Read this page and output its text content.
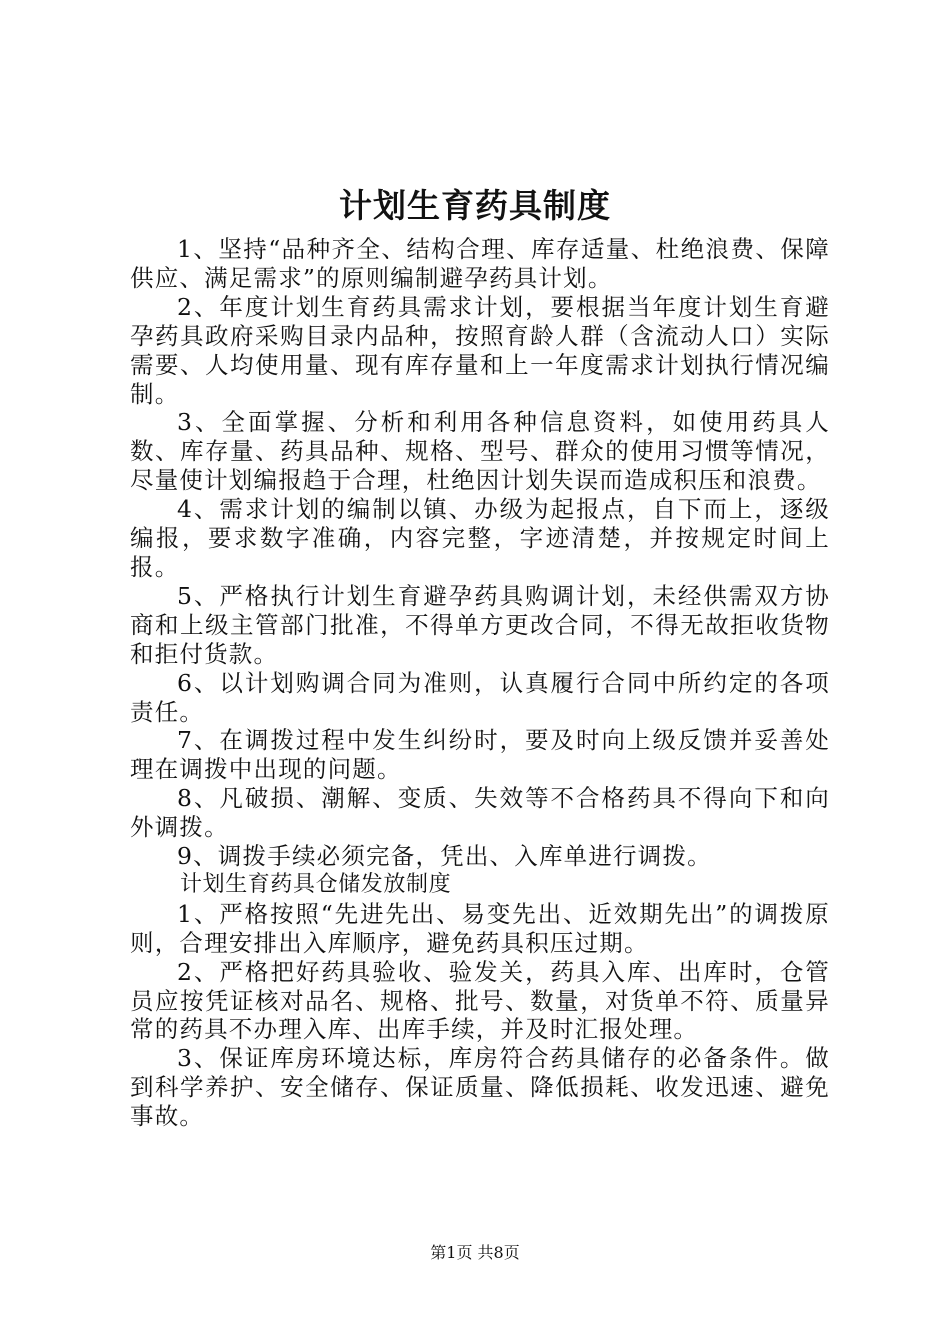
计划生育药具制度

1、坚持“品种齐全、结构合理、库存适量、杜绝浪费、保障供应、满足需求”的原则编制避孕药具计划。

2、年度计划生育药具需求计划，要根据当年度计划生育避孕药具政府采购目录内品种，按照育龄人群（含流动人口）实际需要、人均使用量、现有库存量和上一年度需求计划执行情况编制。

3、全面掌握、分析和利用各种信息资料，如使用药具人数、库存量、药具品种、规格、型号、群众的使用习惯等情况，尽量使计划编报趋于合理，杜绝因计划失误而造成积压和浪费。

4、需求计划的编制以镇、办级为起报点，自下而上，逐级编报，要求数字准确，内容完整，字迹清楚，并按规定时间上报。

5、严格执行计划生育避孕药具购调计划，未经供需双方协商和上级主管部门批准，不得单方更改合同，不得无故拒收货物和拒付货款。

6、以计划购调合同为准则，认真履行合同中所约定的各项责任。

7、在调拨过程中发生纠纷时，要及时向上级反馈并妥善处理在调拨中出现的问题。

8、凡破损、潮解、变质、失效等不合格药具不得向下和向外调拨。

9、调拨手续必须完备，凭出、入库单进行调拨。

计划生育药具仓储发放制度

1、严格按照“先进先出、易变先出、近效期先出”的调拨原则，合理安排出入库顺序，避免药具积压过期。

2、严格把好药具验收、验发关，药具入库、出库时，仓管员应按凭证核对品名、规格、批号、数量，对货单不符、质量异常的药具不办理入库、出库手续，并及时汇报处理。

3、保证库房环境达标，库房符合药具储存的必备条件。做到科学养护、安全储存、保证质量、降低损耗、收发迅速、避免事故。

第1页 共8页
